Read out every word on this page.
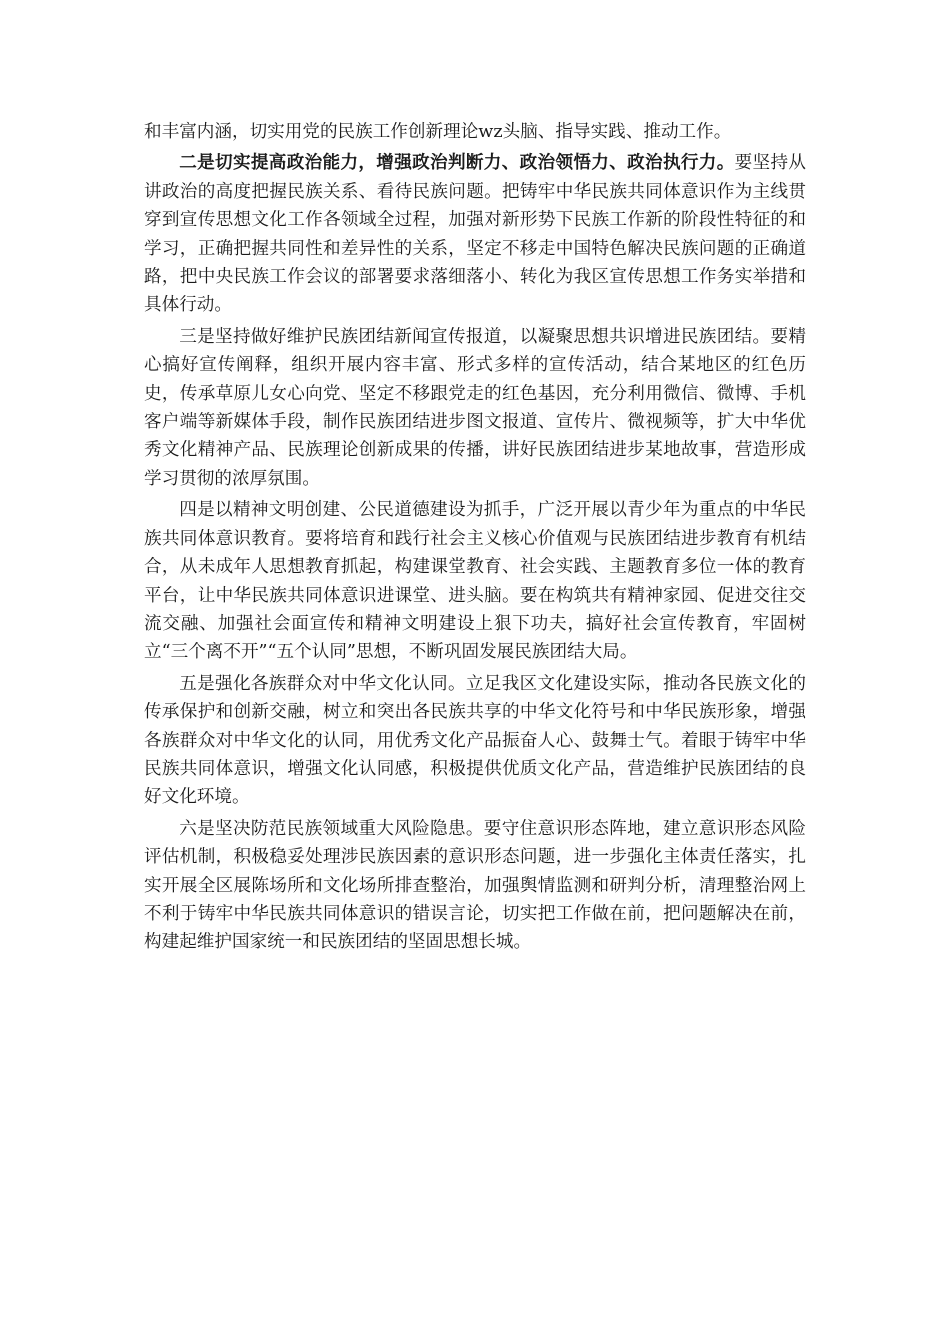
和丰富内涵，切实用党的民族工作创新理论wz头脑、指导实践、推动工作。

二是切实提高政治能力，增强政治判断力、政治领悟力、政治执行力。要坚持从讲政治的高度把握民族关系、看待民族问题。把铸牢中华民族共同体意识作为主线贯穿到宣传思想文化工作各领域全过程，加强对新形势下民族工作新的阶段性特征的和学习，正确把握共同性和差异性的关系，坚定不移走中国特色解决民族问题的正确道路，把中央民族工作会议的部署要求落细落小、转化为我区宣传思想工作务实举措和具体行动。

三是坚持做好维护民族团结新闻宣传报道，以凝聚思想共识增进民族团结。要精心搞好宣传阐释，组织开展内容丰富、形式多样的宣传活动，结合某地区的红色历史，传承草原儿女心向党、坚定不移跟党走的红色基因，充分利用微信、微博、手机客户端等新媒体手段，制作民族团结进步图文报道、宣传片、微视频等，扩大中华优秀文化精神产品、民族理论创新成果的传播，讲好民族团结进步某地故事，营造形成学习贯彻的浓厚氛围。

四是以精神文明创建、公民道德建设为抓手，广泛开展以青少年为重点的中华民族共同体意识教育。要将培育和践行社会主义核心价值观与民族团结进步教育有机结合，从未成年人思想教育抓起，构建课堂教育、社会实践、主题教育多位一体的教育平台，让中华民族共同体意识进课堂、进头脑。要在构筑共有精神家园、促进交往交流交融、加强社会面宣传和精神文明建设上狠下功夫，搞好社会宣传教育，牢固树立“三个离不开”“五个认同”思想，不断巩固发展民族团结大局。

五是强化各族群众对中华文化认同。立足我区文化建设实际，推动各民族文化的传承保护和创新交融，树立和突出各民族共享的中华文化符号和中华民族形象，增强各族群众对中华文化的认同，用优秀文化产品振奋人心、鼓舞士气。着眼于铸牢中华民族共同体意识，增强文化认同感，积极提供优质文化产品，营造维护民族团结的良好文化环境。

六是坚决防范民族领域重大风险隐患。要守住意识形态阵地，建立意识形态风险评估机制，积极稳妥处理涉民族因素的意识形态问题，进一步强化主体责任落实，扎实开展全区展陈场所和文化场所排查整治，加强舆情监测和研判分析，清理整治网上不利于铸牢中华民族共同体意识的错误言论，切实把工作做在前，把问题解决在前，构建起维护国家统一和民族团结的坚固思想长城。
